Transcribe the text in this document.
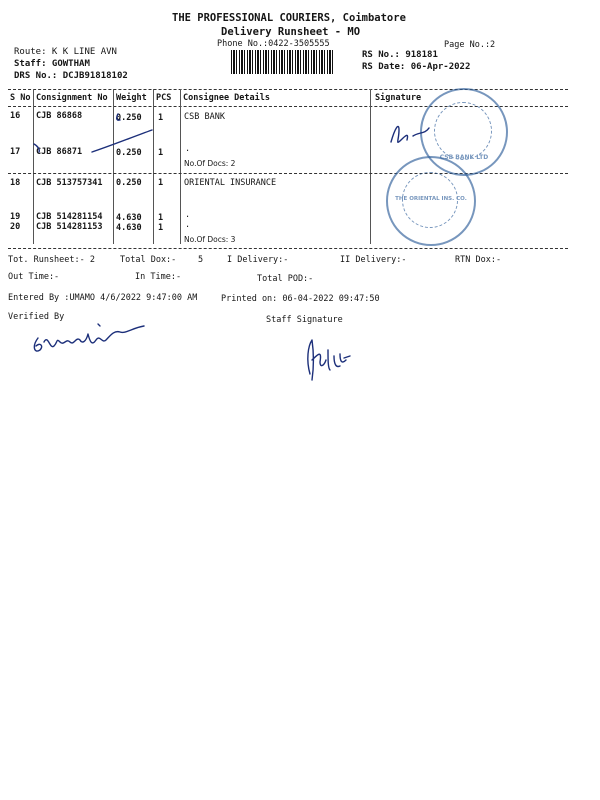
THE PROFESSIONAL COURIERS, Coimbatore
Delivery Runsheet - MO
Phone No.:0422-3505555	Page No.:2
Route: K K LINE AVN
Staff: GOWTHAM
DRS No.: DCJB91818102
RS No.: 918181
RS Date: 06-Apr-2022
S No Consignment No Weight PCS Consignee Details	Signature
16 CJB 86868	0.250 1 CSB BANK
17 CJB 86871	0.250 1	.
No.Of Docs: 2
18 CJB 513757341 0.250 1 ORIENTAL INSURANCE
19 CJB 514281154 4.630 1	.
20 CJB 514281153 4.630 1	.
No.Of Docs: 3
CSB BANK LTD
THE ORIENTAL INS. CO.
Tot. Runsheet:- 2	Total Dox:-	5	I Delivery:-	II Delivery:-	RTN Dox:-
Out Time:-	In Time:-	Total POD:-
Entered By :UMAMO 4/6/2022 9:47:00 AM	Printed on: 06-04-2022 09:47:50
Verified By	Staff Signature
